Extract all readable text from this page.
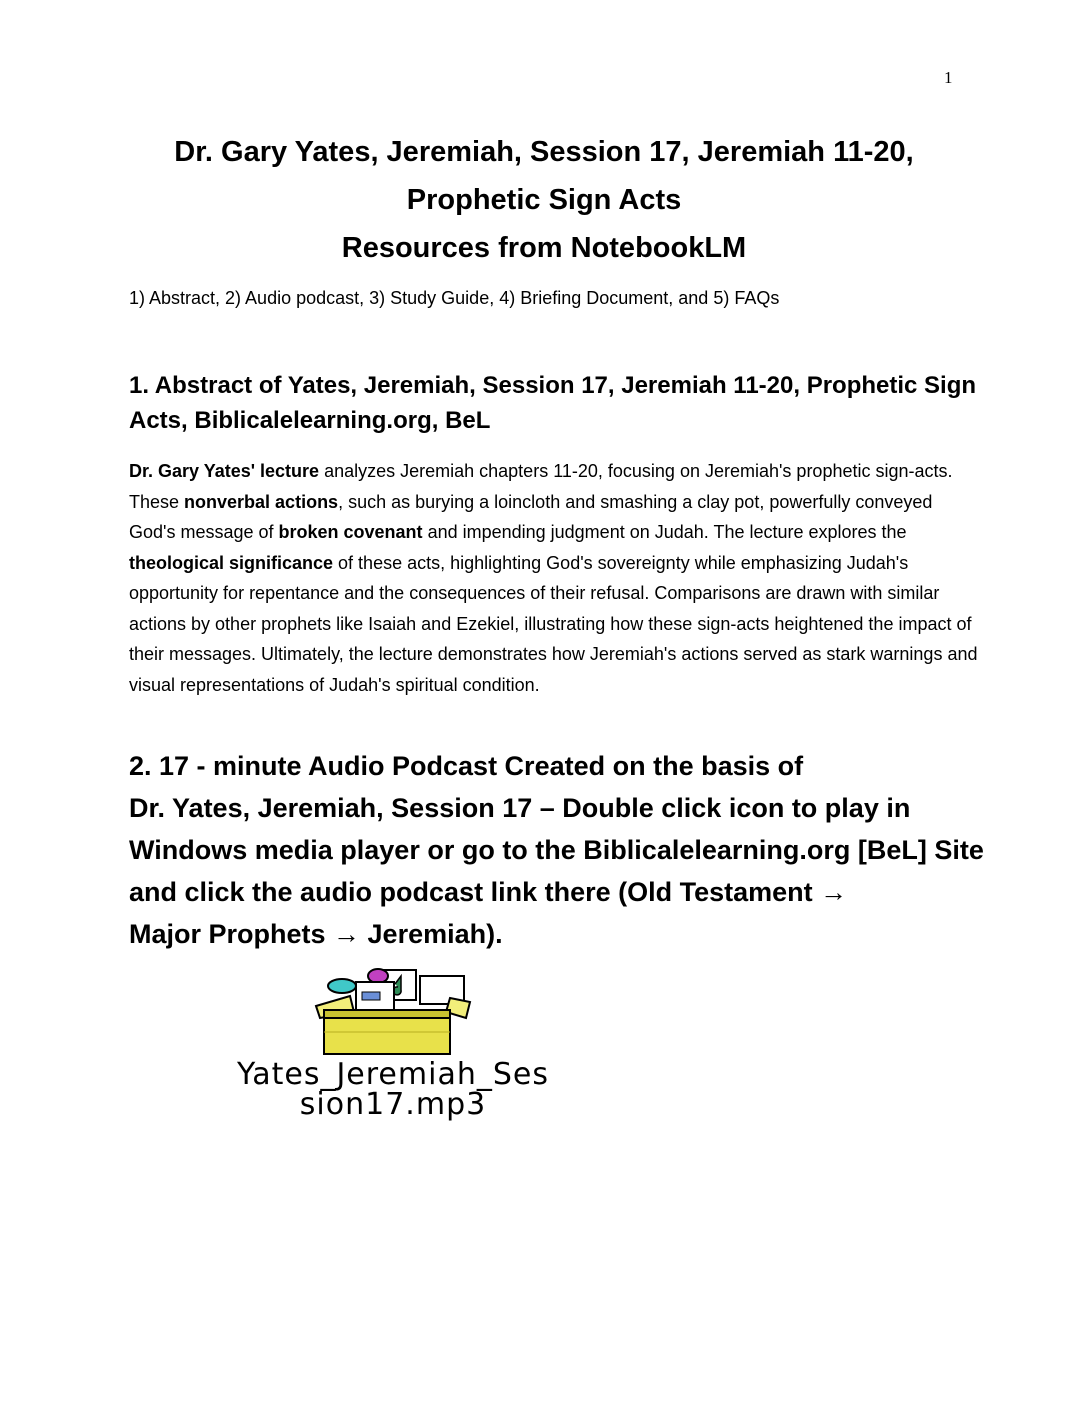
1
Dr. Gary Yates, Jeremiah, Session 17, Jeremiah 11-20,
Prophetic Sign Acts
Resources from NotebookLM
1) Abstract, 2) Audio podcast, 3) Study Guide, 4) Briefing Document, and 5) FAQs
1. Abstract of Yates, Jeremiah, Session 17, Jeremiah 11-20, Prophetic Sign Acts, Biblicalelearning.org, BeL
Dr. Gary Yates' lecture analyzes Jeremiah chapters 11-20, focusing on Jeremiah's prophetic sign-acts. These nonverbal actions, such as burying a loincloth and smashing a clay pot, powerfully conveyed God's message of broken covenant and impending judgment on Judah. The lecture explores the theological significance of these acts, highlighting God's sovereignty while emphasizing Judah's opportunity for repentance and the consequences of their refusal. Comparisons are drawn with similar actions by other prophets like Isaiah and Ezekiel, illustrating how these sign-acts heightened the impact of their messages. Ultimately, the lecture demonstrates how Jeremiah's actions served as stark warnings and visual representations of Judah's spiritual condition.
2. 17 - minute Audio Podcast Created on the basis of
Dr. Yates, Jeremiah, Session 17 – Double click icon to play in Windows media player or go to the Biblicalelearning.org [BeL] Site and click the audio podcast link there (Old Testament →
Major Prophets → Jeremiah).
Yates_Jeremiah_Ses
sion17.mp3
